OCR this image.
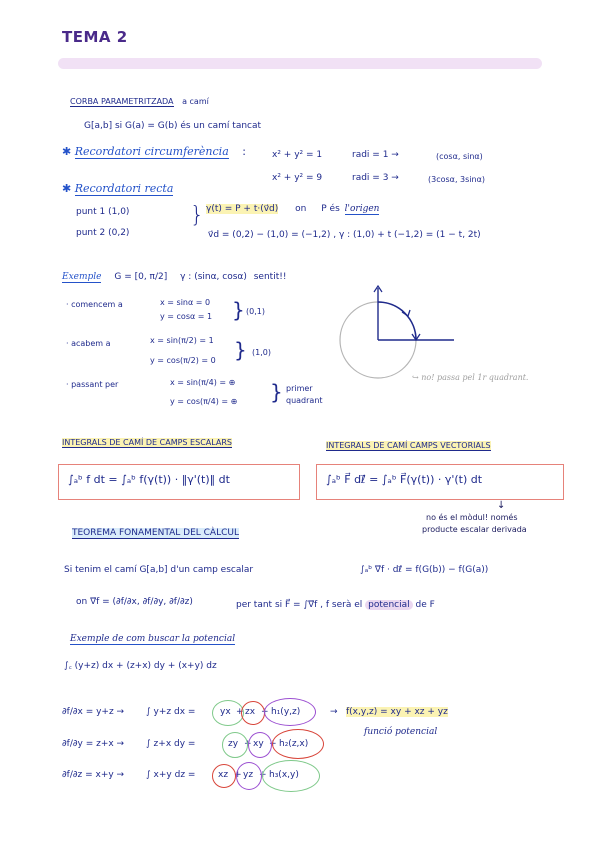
TEMA 2
CORBA PARAMETRITZADA a camí
G[a,b] si G(a) = G(b) és un camí tancat
✱ Recordatori circumferència :	x² + y² = 1	radi = 1 →	(cosα, sinα)
x² + y² = 9	radi = 3 →	(3cosα, 3sinα)
✱ Recordatori recta
punt 1 (1,0)
punt 2 (0,2)
} γ(t) = P + t·(v⃗d) on P és l'origen
v⃗d = (0,2) − (1,0) = (−1,2) , γ : (1,0) + t (−1,2) = (1 − t, 2t)
Exemple G = [0, π/2] γ : (sinα, cosα) sentit!!
· comencem a	x = sinα = 0
y = cosα = 1 } (0,1)
· acabem a	x = sin(π/2) = 1
y = cos(π/2) = 0 } (1,0)
· passant per	x = sin(π/4) = ⊕
y = cos(π/4) = ⊕ } primer
quadrant
↪ no! passa pel 1r quadrant.
INTEGRALS DE CAMÍ DE CAMPS ESCALARS	INTEGRALS DE CAMÍ CAMPS VECTORIALS
∫ₐᵇ f dt = ∫ₐᵇ f(γ(t)) · ‖γ'(t)‖ dt	∫ₐᵇ F⃗ dℓ⃗ = ∫ₐᵇ F⃗(γ(t)) · γ'(t) dt
↓
no és el mòdul! només
producte escalar derivada
TEOREMA FONAMENTAL DEL CÀLCUL
Si tenim el camí G[a,b] d'un camp escalar	∫ₐᵇ ∇⃗f · dℓ⃗ = f(G(b)) − f(G(a))
on ∇⃗f = (∂f/∂x, ∂f/∂y, ∂f/∂z)	per tant si F⃗ = ∫∇⃗f , f serà el potencial de F
Exemple de com buscar la potencial
∫꜀ (y+z) dx + (z+x) dy + (x+y) dz
∂f/∂x = y+z → ∫ y+z dx =	yx + zx + h₁(y,z)	→ f(x,y,z) = xy + xz + yz
funció potencial
∂f/∂y = z+x → ∫ z+x dy =	zy + xy + h₂(z,x)
∂f/∂z = x+y → ∫ x+y dz =	xz + yz + h₃(x,y)
